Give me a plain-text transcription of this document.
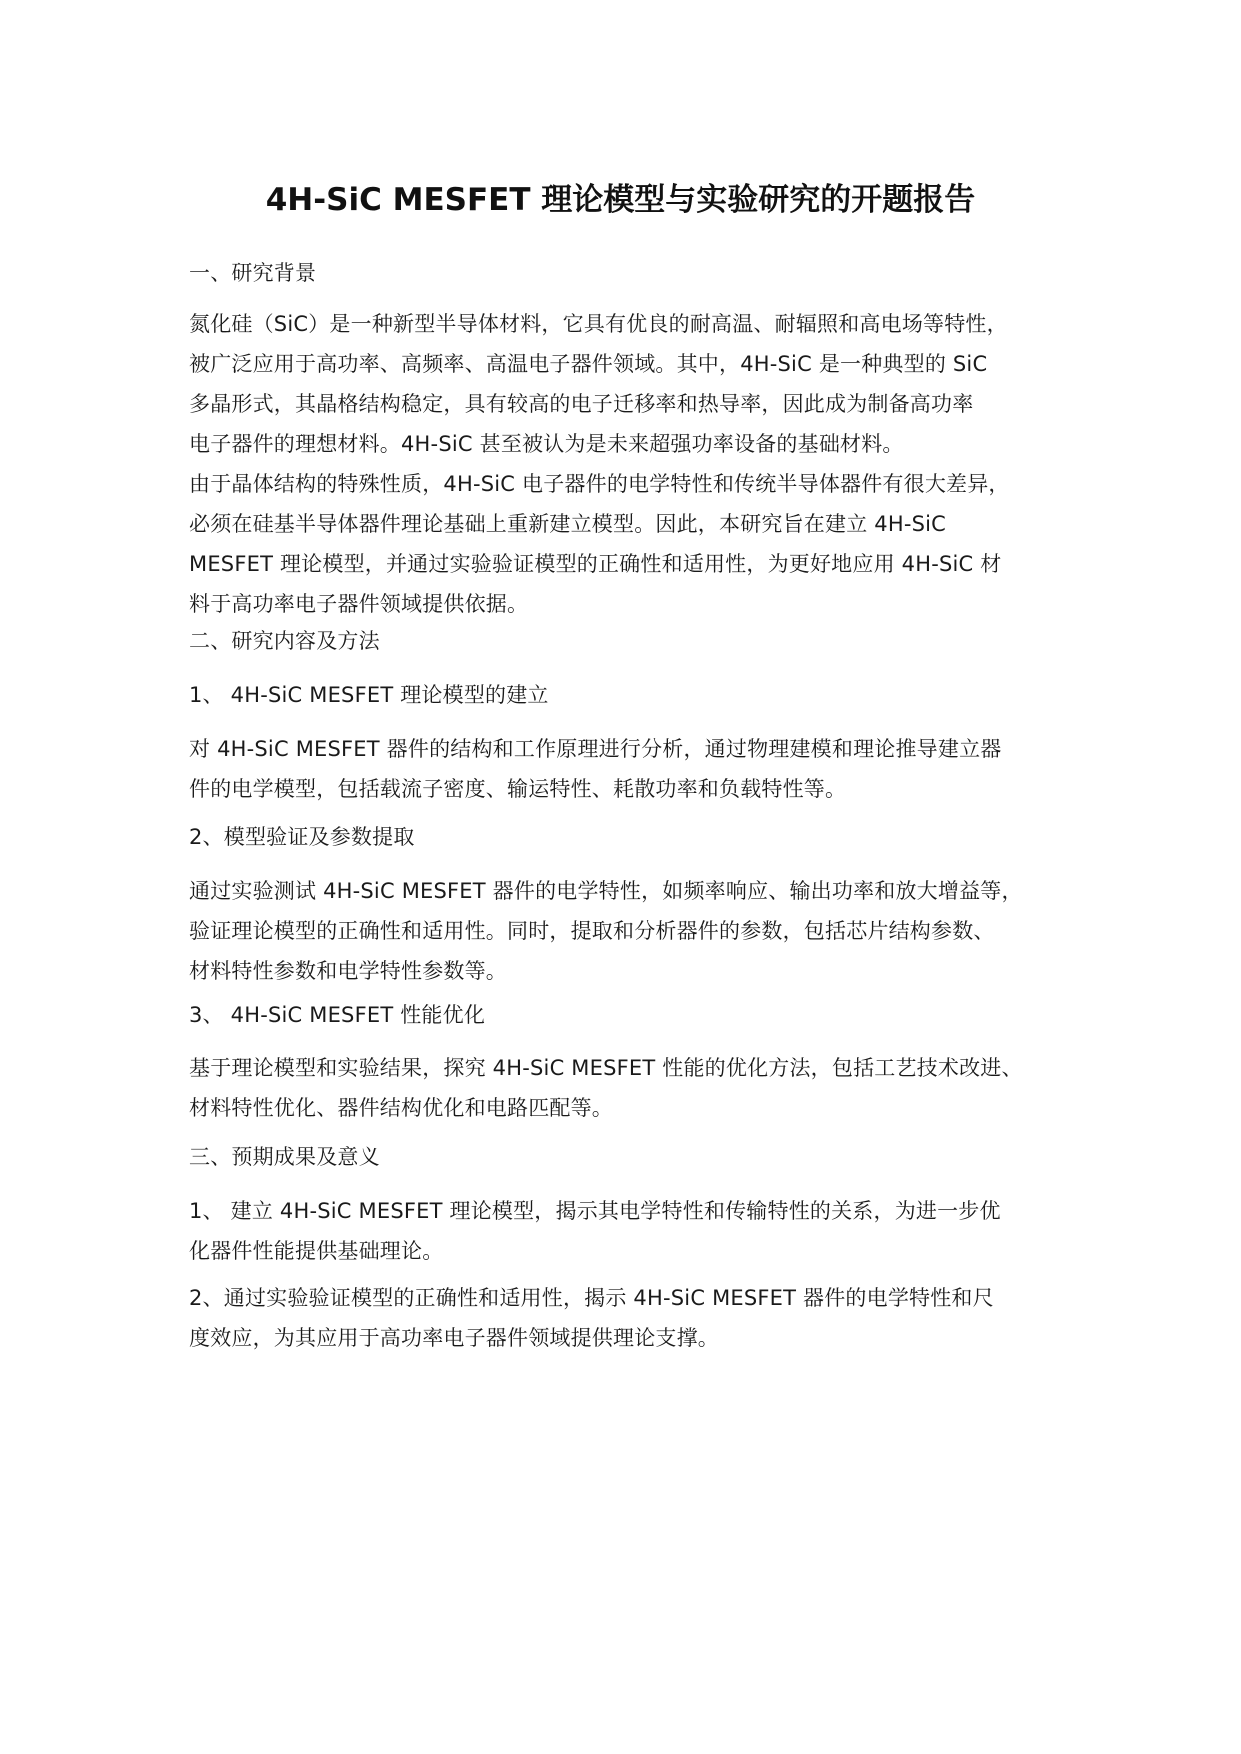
4H-SiC MESFET 理论模型与实验研究的开题报告

一、研究背景

氮化硅（SiC）是一种新型半导体材料，它具有优良的耐高温、耐辐照和高电场等特性，
被广泛应用于高功率、高频率、高温电子器件领域。其中，4H-SiC 是一种典型的 SiC
多晶形式，其晶格结构稳定，具有较高的电子迁移率和热导率，因此成为制备高功率
电子器件的理想材料。4H-SiC 甚至被认为是未来超强功率设备的基础材料。

由于晶体结构的特殊性质，4H-SiC 电子器件的电学特性和传统半导体器件有很大差异，
必须在硅基半导体器件理论基础上重新建立模型。因此，本研究旨在建立 4H-SiC
MESFET 理论模型，并通过实验验证模型的正确性和适用性，为更好地应用 4H-SiC 材
料于高功率电子器件领域提供依据。

二、研究内容及方法

1、 4H-SiC MESFET 理论模型的建立

对 4H-SiC MESFET 器件的结构和工作原理进行分析，通过物理建模和理论推导建立器
件的电学模型，包括载流子密度、输运特性、耗散功率和负载特性等。

2、模型验证及参数提取

通过实验测试 4H-SiC MESFET 器件的电学特性，如频率响应、输出功率和放大增益等，
验证理论模型的正确性和适用性。同时，提取和分析器件的参数，包括芯片结构参数、
材料特性参数和电学特性参数等。

3、 4H-SiC MESFET 性能优化

基于理论模型和实验结果，探究 4H-SiC MESFET 性能的优化方法，包括工艺技术改进、
材料特性优化、器件结构优化和电路匹配等。

三、预期成果及意义

1、 建立 4H-SiC MESFET 理论模型，揭示其电学特性和传输特性的关系，为进一步优
化器件性能提供基础理论。

2、通过实验验证模型的正确性和适用性，揭示 4H-SiC MESFET 器件的电学特性和尺
度效应，为其应用于高功率电子器件领域提供理论支撑。
